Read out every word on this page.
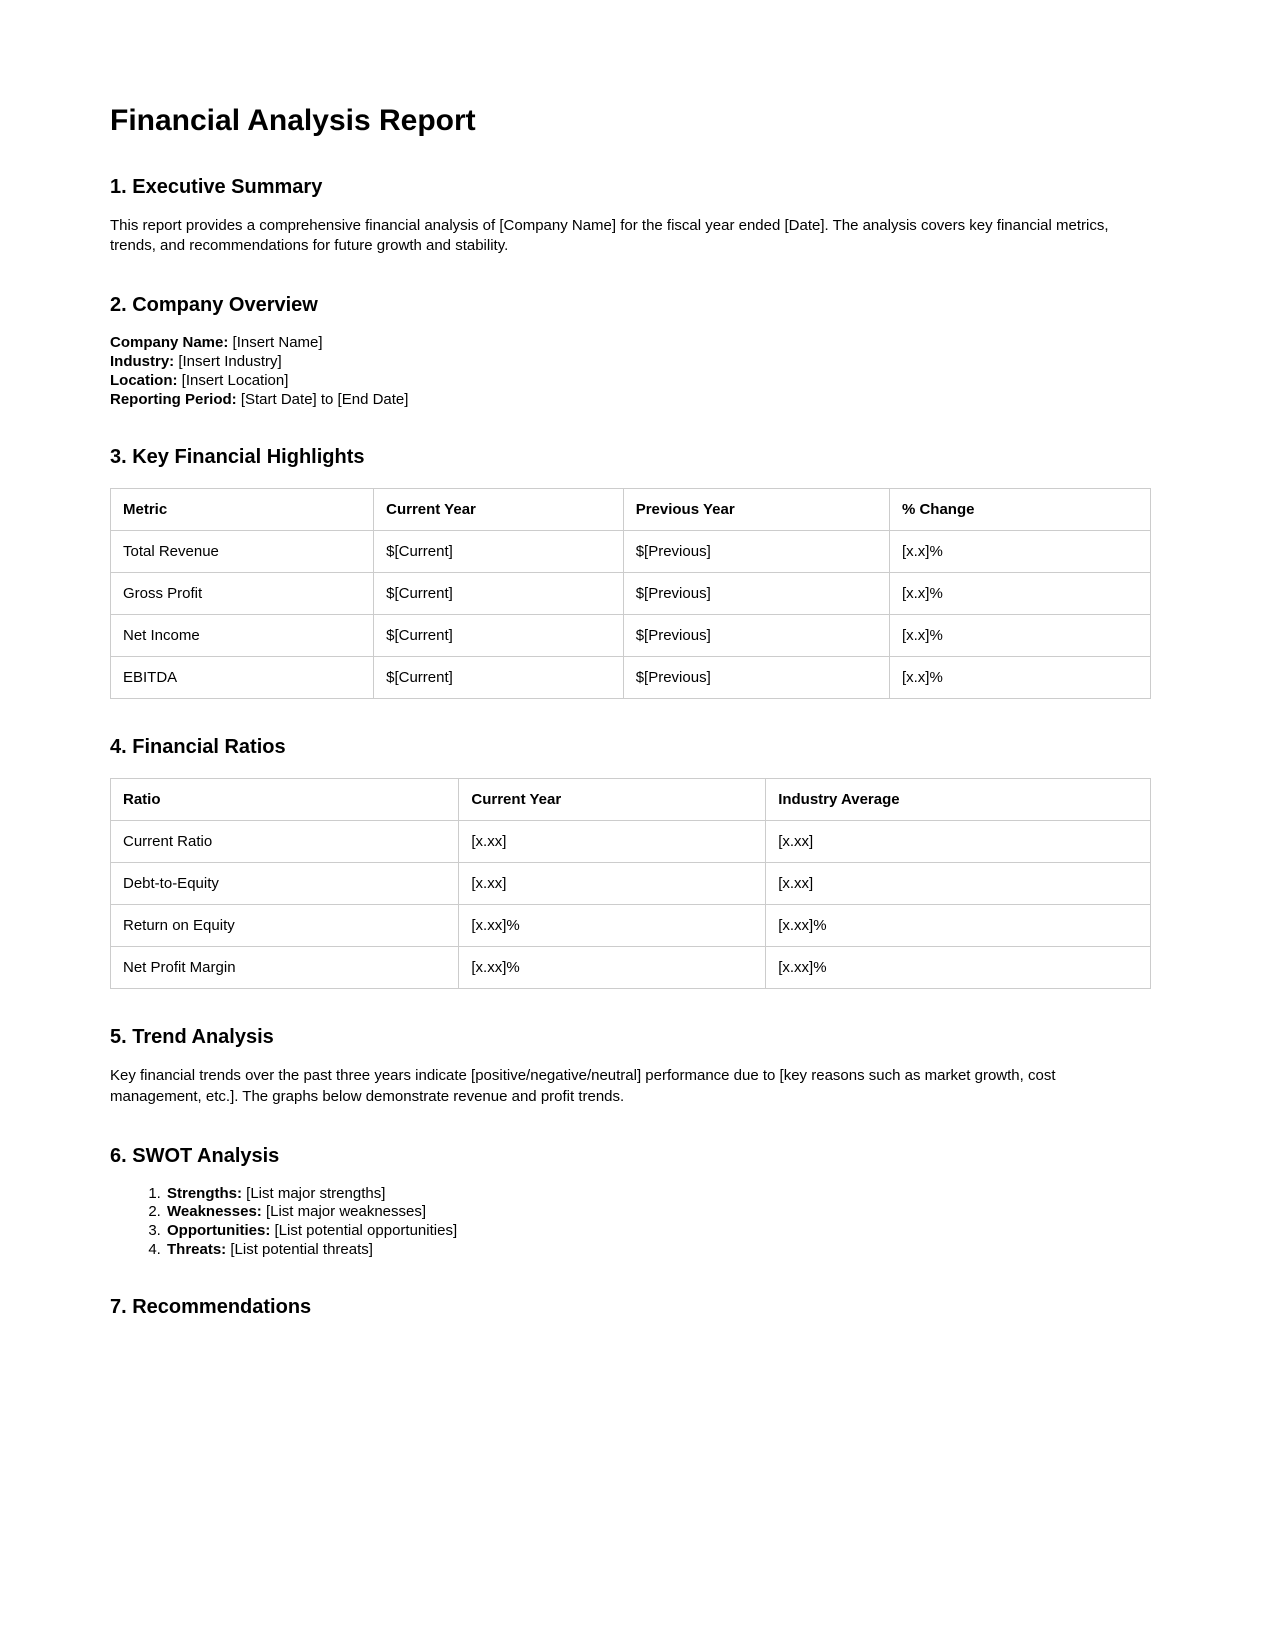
Financial Analysis Report
1. Executive Summary

This report provides a comprehensive financial analysis of [Company Name] for the fiscal year ended [Date]. The analysis covers key financial metrics, trends, and recommendations for future growth and stability.

2. Company Overview

Company Name: [Insert Name]
Industry: [Insert Industry]
Location: [Insert Location]
Reporting Period: [Start Date] to [End Date]

3. Key Financial Highlights
Metric	Current Year	Previous Year	% Change
Total Revenue	$[Current]	$[Previous]	[x.x]%
Gross Profit	$[Current]	$[Previous]	[x.x]%
Net Income	$[Current]	$[Previous]	[x.x]%
EBITDA	$[Current]	$[Previous]	[x.x]%
4. Financial Ratios
Ratio	Current Year	Industry Average
Current Ratio	[x.xx]	[x.xx]
Debt-to-Equity	[x.xx]	[x.xx]
Return on Equity	[x.xx]%	[x.xx]%
Net Profit Margin	[x.xx]%	[x.xx]%
5. Trend Analysis

Key financial trends over the past three years indicate [positive/negative/neutral] performance due to [key reasons such as market growth, cost management, etc.]. The graphs below demonstrate revenue and profit trends.

6. SWOT Analysis
1. Strengths: [List major strengths]
2. Weaknesses: [List major weaknesses]
3. Opportunities: [List potential opportunities]
4. Threats: [List potential threats]
7. Recommendations
